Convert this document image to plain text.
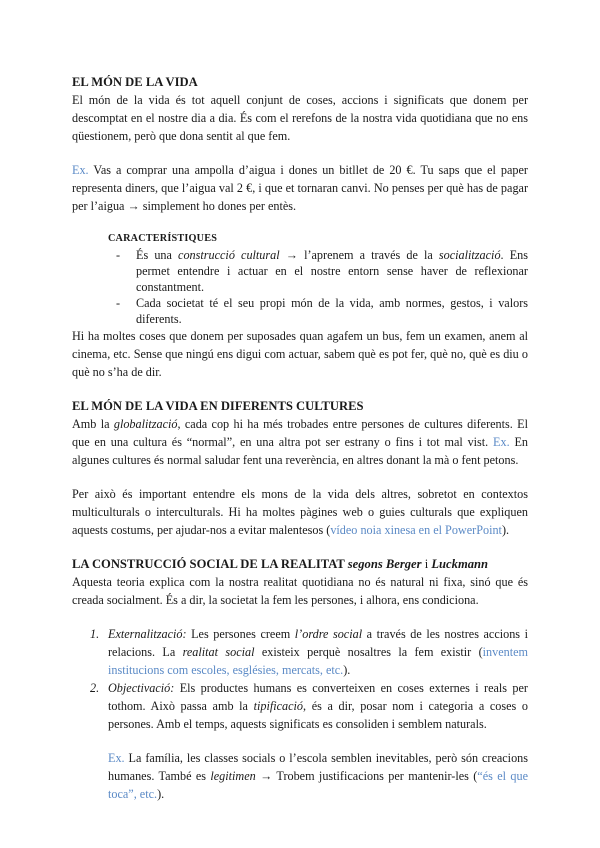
EL MÓN DE LA VIDA

El món de la vida és tot aquell conjunt de coses, accions i significats que donem per descomptat en el nostre dia a dia. És com el rerefons de la nostra vida quotidiana que no ens qüestionem, però que dona sentit al que fem.

Ex. Vas a comprar una ampolla d’aigua i dones un bitllet de 20 €. Tu saps que el paper representa diners, que l’aigua val 2 €, i que et tornaran canvi. No penses per què has de pagar per l’aigua → simplement ho dones per entès.

CARACTERÍSTIQUES
- És una construcció cultural → l’aprenem a través de la socialització. Ens permet entendre i actuar en el nostre entorn sense haver de reflexionar constantment.
- Cada societat té el seu propi món de la vida, amb normes, gestos, i valors diferents.

Hi ha moltes coses que donem per suposades quan agafem un bus, fem un examen, anem al cinema, etc. Sense que ningú ens digui com actuar, sabem què es pot fer, què no, què es diu o què no s’ha de dir.

EL MÓN DE LA VIDA EN DIFERENTS CULTURES

Amb la globalització, cada cop hi ha més trobades entre persones de cultures diferents. El que en una cultura és “normal”, en una altra pot ser estrany o fins i tot mal vist. Ex. En algunes cultures és normal saludar fent una reverència, en altres donant la mà o fent petons.

Per això és important entendre els mons de la vida dels altres, sobretot en contextos multiculturals o interculturals. Hi ha moltes pàgines web o guies culturals que expliquen aquests costums, per ajudar-nos a evitar malentesos (vídeo noia xinesa en el PowerPoint).

LA CONSTRUCCIÓ SOCIAL DE LA REALITAT segons Berger i Luckmann

Aquesta teoria explica com la nostra realitat quotidiana no és natural ni fixa, sinó que és creada socialment. És a dir, la societat la fem les persones, i alhora, ens condiciona.

1. Externalització: Les persones creem l’ordre social a través de les nostres accions i relacions. La realitat social existeix perquè nosaltres la fem existir (inventem institucions com escoles, esglésies, mercats, etc.).
2. Objectivació: Els productes humans es converteixen en coses externes i reals per tothom. Això passa amb la tipificació, és a dir, posar nom i categoria a coses o persones. Amb el temps, aquests significats es consoliden i semblem naturals.

Ex. La família, les classes socials o l’escola semblen inevitables, però són creacions humanes. També es legitimen → Trobem justificacions per mantenir-les (“és el que toca”, etc.).
